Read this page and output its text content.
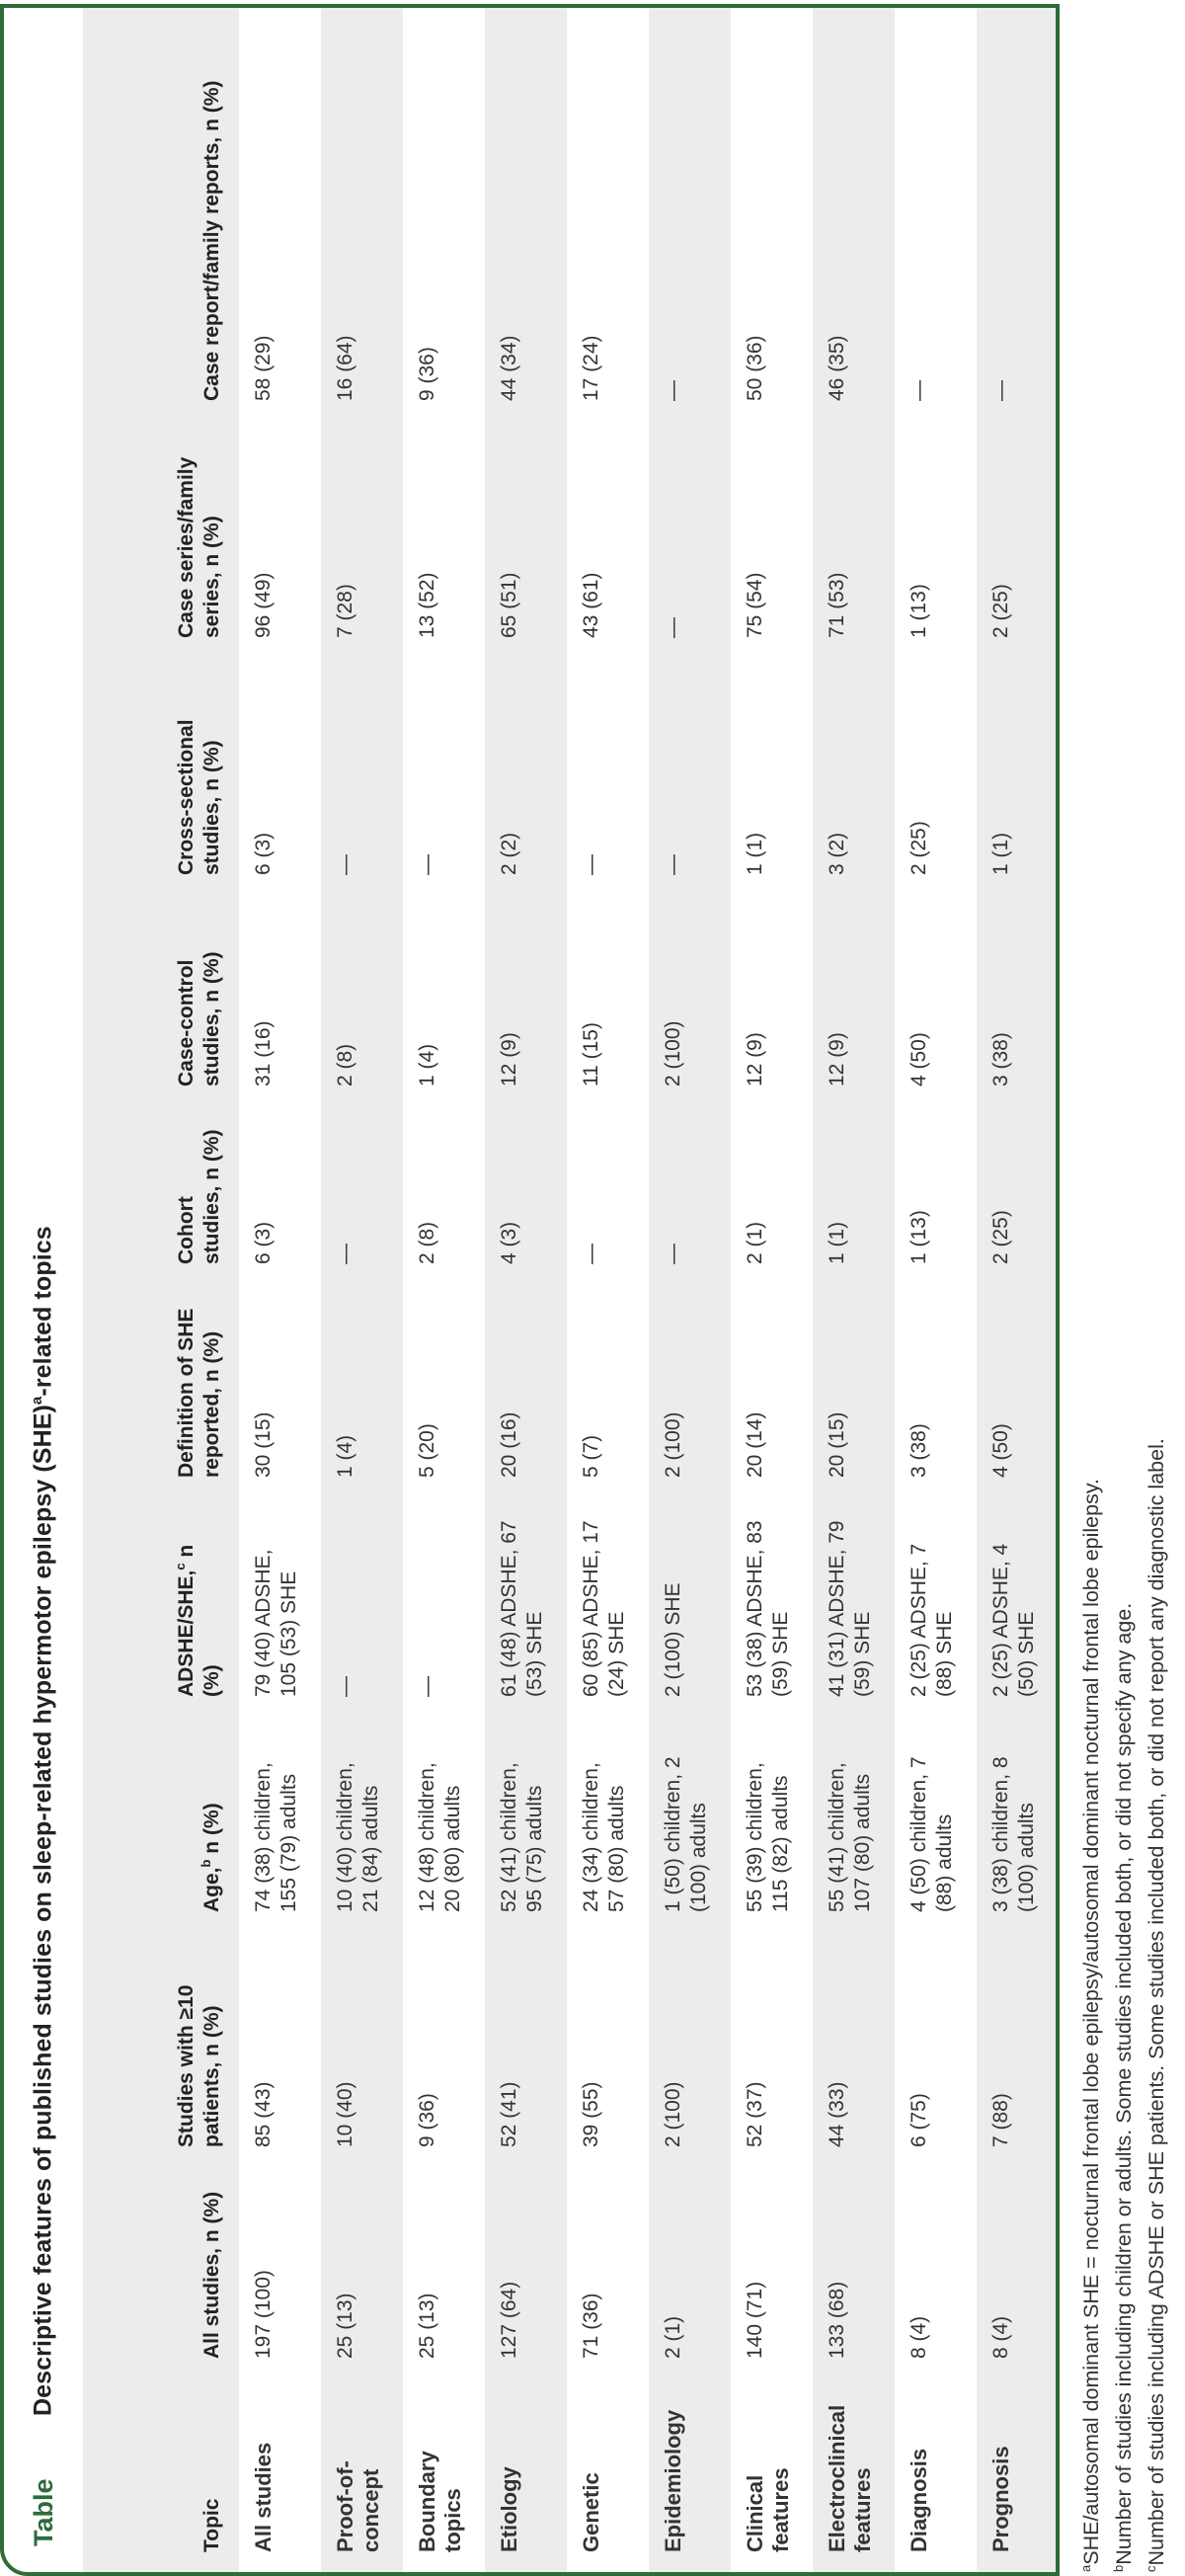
Table
Descriptive features of published studies on sleep-related hypermotor epilepsy (SHE)$^a$-related topics
Topic	All studies, n (%)	Studies with ≥10 patients, n (%)	Age,$^b$ n (%)	ADSHE/SHE,$^c$ n (%)	Definition of SHE reported, n (%)	Cohort studies, n (%)	Case-control studies, n (%)	Cross-sectional studies, n (%)	Case series/family series, n (%)	Case report/family reports, n (%)
All studies	197 (100)	85 (43)	74 (38) children, 155 (79) adults	79 (40) ADSHE, 105 (53) SHE	30 (15)	6 (3)	31 (16)	6 (3)	96 (49)	58 (29)
Proof-of-concept	25 (13)	10 (40)	10 (40) children, 21 (84) adults	—	1 (4)	—	2 (8)	—	7 (28)	16 (64)
Boundary topics	25 (13)	9 (36)	12 (48) children, 20 (80) adults	—	5 (20)	2 (8)	1 (4)	—	13 (52)	9 (36)
Etiology	127 (64)	52 (41)	52 (41) children, 95 (75) adults	61 (48) ADSHE, 67 (53) SHE	20 (16)	4 (3)	12 (9)	2 (2)	65 (51)	44 (34)
Genetic	71 (36)	39 (55)	24 (34) children, 57 (80) adults	60 (85) ADSHE, 17 (24) SHE	5 (7)	—	11 (15)	—	43 (61)	17 (24)
Epidemiology	2 (1)	2 (100)	1 (50) children, 2 (100) adults	2 (100) SHE	2 (100)	—	2 (100)	—	—	—
Clinical features	140 (71)	52 (37)	55 (39) children, 115 (82) adults	53 (38) ADSHE, 83 (59) SHE	20 (14)	2 (1)	12 (9)	1 (1)	75 (54)	50 (36)
Electroclinical features	133 (68)	44 (33)	55 (41) children, 107 (80) adults	41 (31) ADSHE, 79 (59) SHE	20 (15)	1 (1)	12 (9)	3 (2)	71 (53)	46 (35)
Diagnosis	8 (4)	6 (75)	4 (50) children, 7 (88) adults	2 (25) ADSHE, 7 (88) SHE	3 (38)	1 (13)	4 (50)	2 (25)	1 (13)	—
Prognosis	8 (4)	7 (88)	3 (38) children, 8 (100) adults	2 (25) ADSHE, 4 (50) SHE	4 (50)	2 (25)	3 (38)	1 (1)	2 (25)	—

$^a$SHE/autosomal dominant SHE = nocturnal frontal lobe epilepsy/autosomal dominant nocturnal frontal lobe epilepsy.
$^b$Number of studies including children or adults. Some studies included both, or did not specify any age.
$^c$Number of studies including ADSHE or SHE patients. Some studies included both, or did not report any diagnostic label.
